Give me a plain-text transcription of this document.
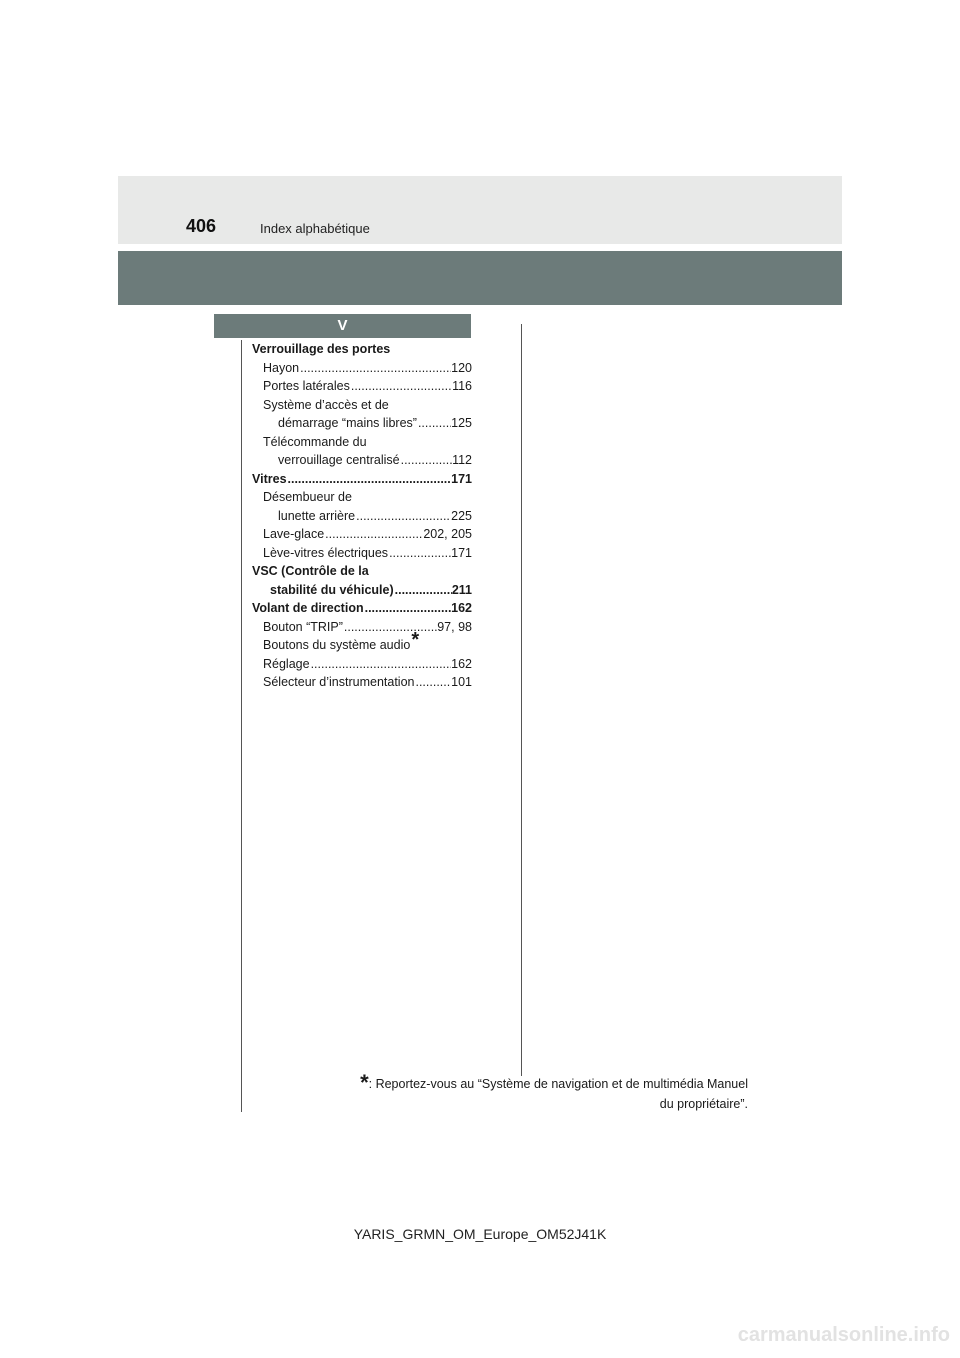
406	Index alphabétique
V
Verrouillage des portes
Hayon .....	120
Portes latérales .....	116
Système d’accès et de
démarrage “mains libres” .....	125
Télécommande du
verrouillage centralisé .....	112
Vitres .....	171
Désembueur de
lunette arrière .....	225
Lave-glace .....	202, 205
Lève-vitres électriques .....	171
VSC (Contrôle de la
stabilité du véhicule) .....	211
Volant de direction .....	162
Bouton “TRIP” .....	97, 98
Boutons du système audio *
Réglage .....	162
Sélecteur d’instrumentation .....	101
*: Reportez-vous au “Système de navigation et de multimédia Manuel
du propriétaire”.
YARIS_GRMN_OM_Europe_OM52J41K
carmanualsonline.info
